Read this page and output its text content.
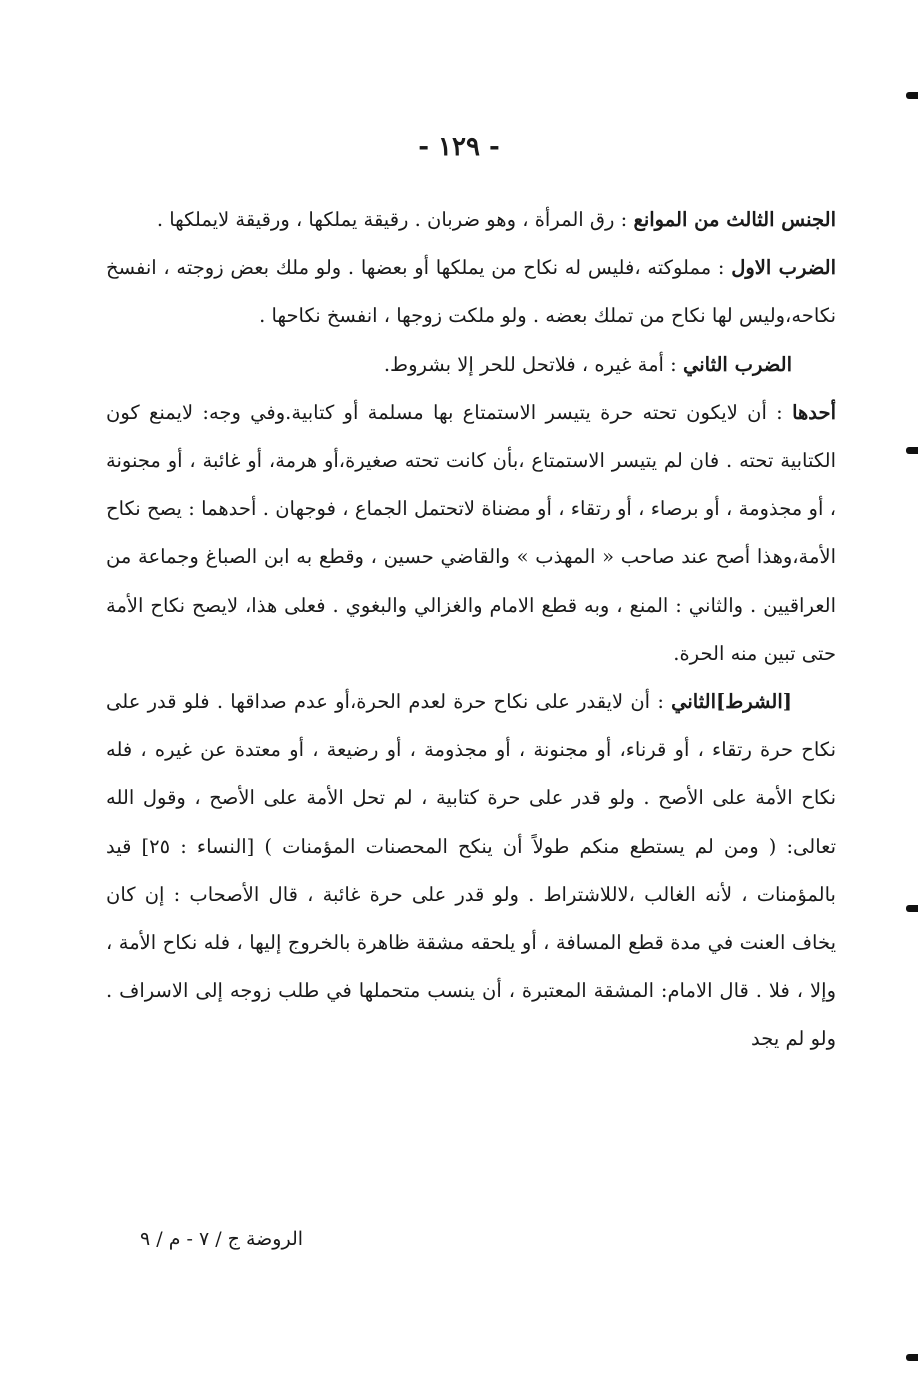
- ١٢٩ -

الجنس الثالث من الموانع : رق المرأة ، وهو ضربان . رقيقة يملكها ، ورقيقة لايملكها .

الضرب الاول : مملوكته ،فليس له نكاح من يملكها أو بعضها . ولو ملك بعض زوجته ، انفسخ نكاحه،وليس لها نكاح من تملك بعضه . ولو ملكت زوجها ، انفسخ نكاحها .

الضرب الثاني : أمة غيره ، فلاتحل للحر إلا بشروط.

أحدها : أن لايكون تحته حرة يتيسر الاستمتاع بها مسلمة أو كتابية.وفي وجه: لايمنع كون الكتابية تحته . فان لم يتيسر الاستمتاع ،بأن كانت تحته صغيرة،أو هرمة، أو غائبة ، أو مجنونة ، أو مجذومة ، أو برصاء ، أو رتقاء ، أو مضناة لاتحتمل الجماع ، فوجهان . أحدهما : يصح نكاح الأمة،وهذا أصح عند صاحب « المهذب » والقاضي حسين ، وقطع به ابن الصباغ وجماعة من العراقيين . والثاني : المنع ، وبه قطع الامام والغزالي والبغوي . فعلى هذا، لايصح نكاح الأمة حتى تبين منه الحرة.

[الشرط]الثاني : أن لايقدر على نكاح حرة لعدم الحرة،أو عدم صداقها . فلو قدر على نكاح حرة رتقاء ، أو قرناء، أو مجنونة ، أو مجذومة ، أو رضيعة ، أو معتدة عن غيره ، فله نكاح الأمة على الأصح . ولو قدر على حرة كتابية ، لم تحل الأمة على الأصح ، وقول الله تعالى: ( ومن لم يستطع منكم طولاً أن ينكح المحصنات المؤمنات ) [النساء : ٢٥] قيد بالمؤمنات ، لأنه الغالب ،لاللاشتراط . ولو قدر على حرة غائبة ، قال الأصحاب : إن كان يخاف العنت في مدة قطع المسافة ، أو يلحقه مشقة ظاهرة بالخروج إليها ، فله نكاح الأمة ، وإلا ، فلا . قال الامام: المشقة المعتبرة ، أن ينسب متحملها في طلب زوجه إلى الاسراف . ولو لم يجد

الروضة ج / ٧ - م / ٩
